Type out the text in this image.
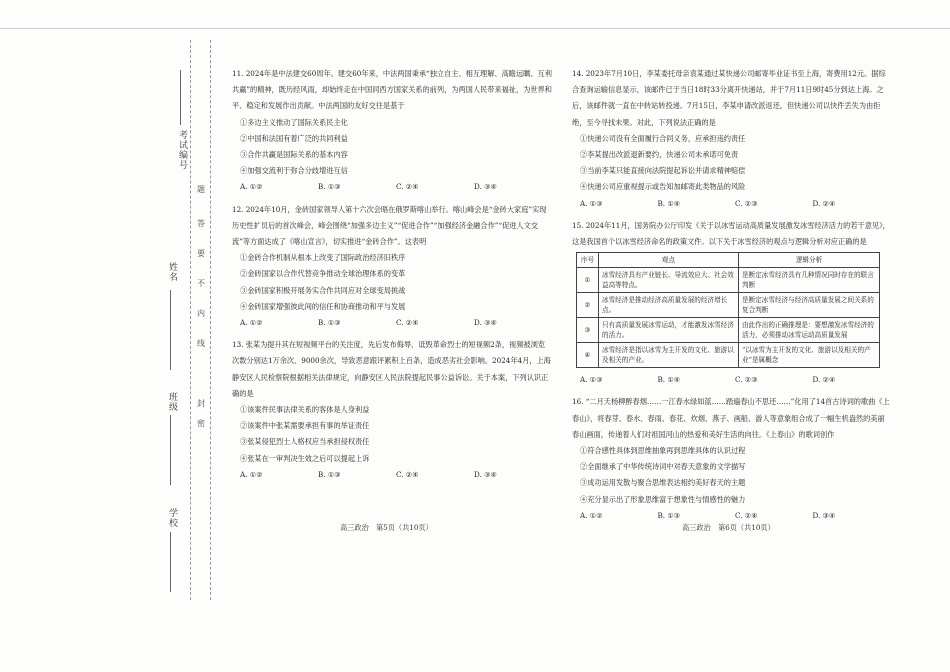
考试编号
姓名
班级
学校
题
答
要
不
内
线
封
密
11. 2024年是中法建交60周年。建交60年来，中法两国秉承“独立自主、相互理解、高瞻远瞩、互利共赢”的精神，既历经风雨，却始终走在中国同西方国家关系的前列，为两国人民带来福祉，为世界和平、稳定和发展作出贡献。中法两国的友好交往是基于
①多边主义推动了国际关系民主化
②中国和法国有着广泛的共同利益
③合作共赢是国际关系的基本内容
④加强交流利于弥合分歧增进互信
A. ①②	B. ①③	C. ②④	D. ③④
12. 2024年10月，金砖国家领导人第十六次会晤在俄罗斯喀山举行。喀山峰会是“金砖大家庭”实现历史性扩员后的首次峰会，峰会围绕“加强多边主义”“促进合作”“加强经济金融合作”“促进人文交流”等方面达成了《喀山宣言》，切实推进“金砖合作”。这表明
①金砖合作机制从根本上改变了国际政治经济旧秩序
②金砖国家以合作代替竞争推动全球治理体系的变革
③金砖国家积极开展务实合作共同应对全球变局挑战
④金砖国家增强彼此间的信任和协商推动和平与发展
A. ①②	B. ①③	C. ②④	D. ③④
13. 张某为提升其在短视频平台的关注度，先后发布侮辱、诋毁革命烈士的短视频2条，视频被浏览次数分别达1万余次、9000余次，导致恶意跟评累积上百条，造成恶劣社会影响。2024年4月，上海静安区人民检察院根据相关法律规定，向静安区人民法院提起民事公益诉讼。关于本案，下列认识正确的是
①该案件民事法律关系的客体是人身利益
②该案件中张某需要承担有事的举证责任
③张某侵犯烈士人格权应当承担侵权责任
④张某在一审判决生效之后可以提起上诉
A. ①②	B. ①③	C. ②④	D. ③④
高三政治　第5页（共10页）
14. 2023年7月10日，李某委托母亲袁某通过某快递公司邮寄毕业证书至上海，寄费用12元。据综合查询运输信息显示，该邮件已于当日18时33分离开快递站，并于7月11日9时45分到达上海。之后，该邮件就一直在中转站转投递。7月15日，李某申请改派返还，但快递公司以快件丢失为由拒绝，至今寻找未果。对此，下列说法正确的是
①快递公司没有全面履行合同义务，应承担违约责任
②李某提出改派退新要约，快递公司未承诺可免责
③当前李某只能直接向法院提起诉讼并请求精神赔偿
④快递公司应重视提示或告知加邮寄此类物品的风险
A. ①③	B. ①④	C. ②③	D. ②④
15. 2024年11月，国务院办公厅印发《关于以冰雪运动高质量发展激发冰雪经济活力的若干意见》，这是我国首个以冰雪经济命名的政策文件。以下关于冰雪经济的观点与逻辑分析对应正确的是
序号	观点	逻辑分析
①	冰雪经济具有产业链长、导流效应大、社会效益高等特点。	是断定冰雪经济具有几种情况同时存在的联言判断
②	冰雪经济是推动经济高质量发展的经济增长点。	是断定冰雪经济与经济高质量发展之间关系的复合判断
③	只有高质量发展冰雪运动，才能激发冰雪经济的活力。	由此作出的正确推理是：要想激发冰雪经济的活力，必须推动冰雪运动高质量发展
④	冰雪经济是指以冰雪为主开发的文化、旅游以及相关的产业。	“以冰雪为主开发的文化、旅游以及相关的产业”是属概念
A. ①③	B. ①④	C. ②③	D. ②④
16. “二月天杨柳醉春烟……一江春水绿如蓝……踏遍春山不思还……”化用了14首古诗词的歌曲《上春山》，将春芽、春水、春雨、春花、炊烟、燕子、画船、游人等意象组合成了一幅生机盎然的美丽春山画面，传递着人们对祖国河山的热爱和美好生活的向往。《上春山》的歌词创作
①符合感性具体到思维抽象再到思维具体的认识过程
②全面继承了中华传统诗词中对春天意象的文学描写
③成功运用发散与聚合思维表达相约美好春天的主题
④充分显示出了形象思维富于想象性与情感性的魅力
A. ①②	B. ①③	C. ②④	D. ③④
高三政治　第6页（共10页）
